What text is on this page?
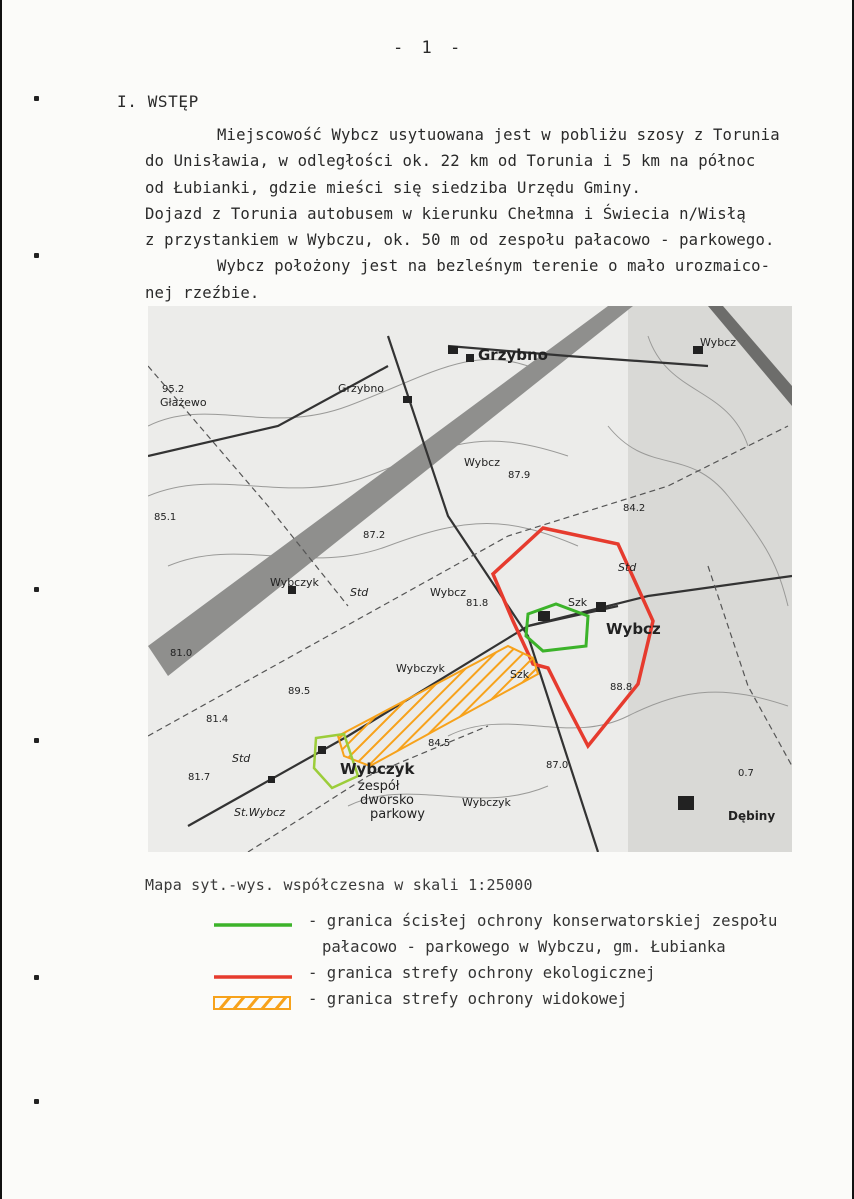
- 1 -
I. WSTĘP
Miejscowość Wybcz usytuowana jest w pobliżu szosy z Torunia
do Unisławia, w odległości ok. 22 km od Torunia i 5 km na północ
od Łubianki, gdzie mieści się siedziba Urzędu Gminy.
Dojazd z Torunia autobusem w kierunku Chełmna i Świecia n/Wisłą
z przystankiem w Wybczu, ok. 50 m od zespołu pałacowo - parkowego.
Wybcz położony jest na bezleśnym terenie o mało urozmaico-
nej rzeźbie.
Grzybno
Grzybno
Głażewo
95.2
Wybcz
Wybcz
87.9
84.2
85.1
87.2
Wybczyk
Std	Wybcz
81.8	Szk
Std
Wybcz
81.0
Wybczyk	Szk
89.5	88.8
81.4
84.5
Std
87.0
Wybczyk
zespół
dworsko
parkowy
St.Wybcz
Wybczyk
Dębiny
81.7	0.7
Mapa syt.-wys. współczesna w skali 1:25000
- granica ścisłej ochrony konserwatorskiej zespołu
pałacowo - parkowego w Wybczu, gm. Łubianka
- granica strefy ochrony ekologicznej
- granica strefy ochrony widokowej
